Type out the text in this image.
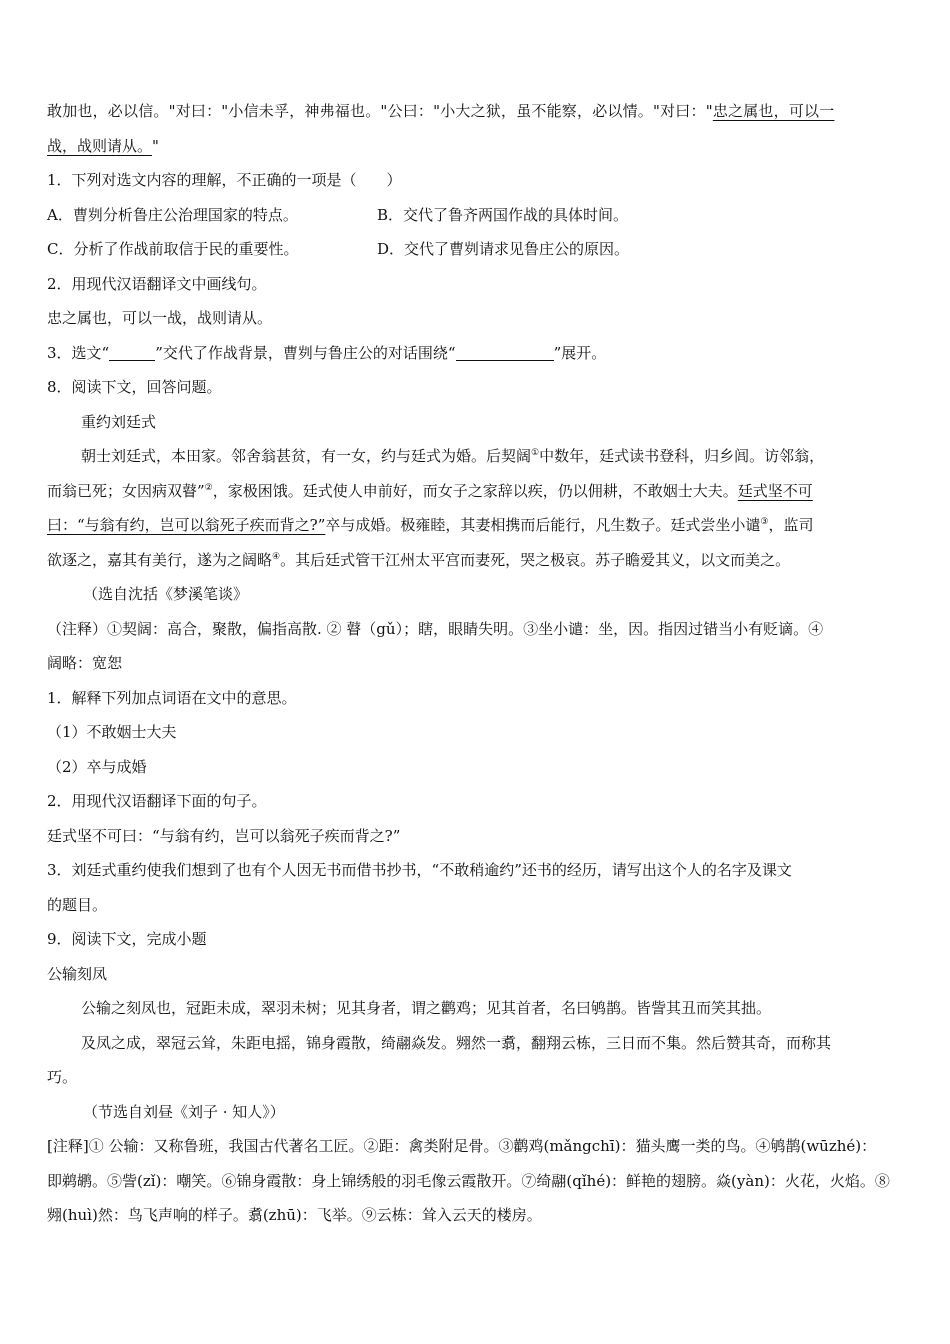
敢加也，必以信。"对曰："小信未孚，神弗福也。"公曰："小大之狱，虽不能察，必以情。"对曰："忠之属也，可以一
战，战则请从。"
1．下列对选文内容的理解，不正确的一项是（　　）
A．曹刿分析鲁庄公治理国家的特点。	B．交代了鲁齐两国作战的具体时间。
C．分析了作战前取信于民的重要性。	D．交代了曹刿请求见鲁庄公的原因。
2．用现代汉语翻译文中画线句。
忠之属也，可以一战，战则请从。
3．选文“	”交代了作战背景，曹刿与鲁庄公的对话围绕“	”展开。
8．阅读下文，回答问题。
重约刘廷式
朝士刘廷式，本田家。邻舍翁甚贫，有一女，约与廷式为婚。后契阔①中数年，廷式读书登科，归乡闾。访邻翁，
而翁已死；女因病双瞽”②，家极困饿。廷式使人申前好，而女子之家辞以疾，仍以佣耕，不敢姻士大夫。廷式坚不可
曰：“与翁有约，岂可以翁死子疾而背之?”卒与成婚。极雍睦，其妻相携而后能行，凡生数子。廷式尝坐小谴③，监司
欲逐之，嘉其有美行，遂为之阔略④。其后廷式管干江州太平宫而妻死，哭之极哀。苏子瞻爱其义，以文而美之。
（选自沈括《梦溪笔谈》
（注释）①契阔：高合，聚散，偏指高散. ② 瞽（gǔ）；瞎，眼睛失明。③坐小谴：坐，因。指因过错当小有贬谪。④
阔略：宽恕
1．解释下列加点词语在文中的意思。
（1）不敢姻士大夫
（2）卒与成婚
2．用现代汉语翻译下面的句子。
廷式坚不可曰：“与翁有约，岂可以翁死子疾而背之?”
3．刘廷式重约使我们想到了也有个人因无书而借书抄书，“不敢稍逾约”还书的经历，请写出这个人的名字及课文
的题目。
9．阅读下文，完成小题
公输刻凤
公输之刻凤也，冠距未成，翠羽未树；见其身者，谓之鹳鸡；见其首者，名曰鸲鹊。皆訾其丑而笑其拙。
及凤之成，翠冠云耸，朱距电摇，锦身霞散，绮翮焱发。翙然一翥，翻翔云栋，三日而不集。然后赞其奇，而称其
巧。
（节选自刘昼《刘子 · 知人》）
[注释]① 公输：又称鲁班，我国古代著名工匠。②距：禽类附足骨。③鹳鸡(mǎngchī)：猫头鹰一类的鸟。④鸲鹊(wūzhé)：
即鹈鹕。⑤訾(zǐ)：嘲笑。⑥锦身霞散：身上锦绣般的羽毛像云霞散开。⑦绮翮(qǐhé)：鲜艳的翅膀。焱(yàn)：火花，火焰。⑧
翙(huì)然：鸟飞声响的样子。翥(zhū)：飞举。⑨云栋：耸入云天的楼房。
